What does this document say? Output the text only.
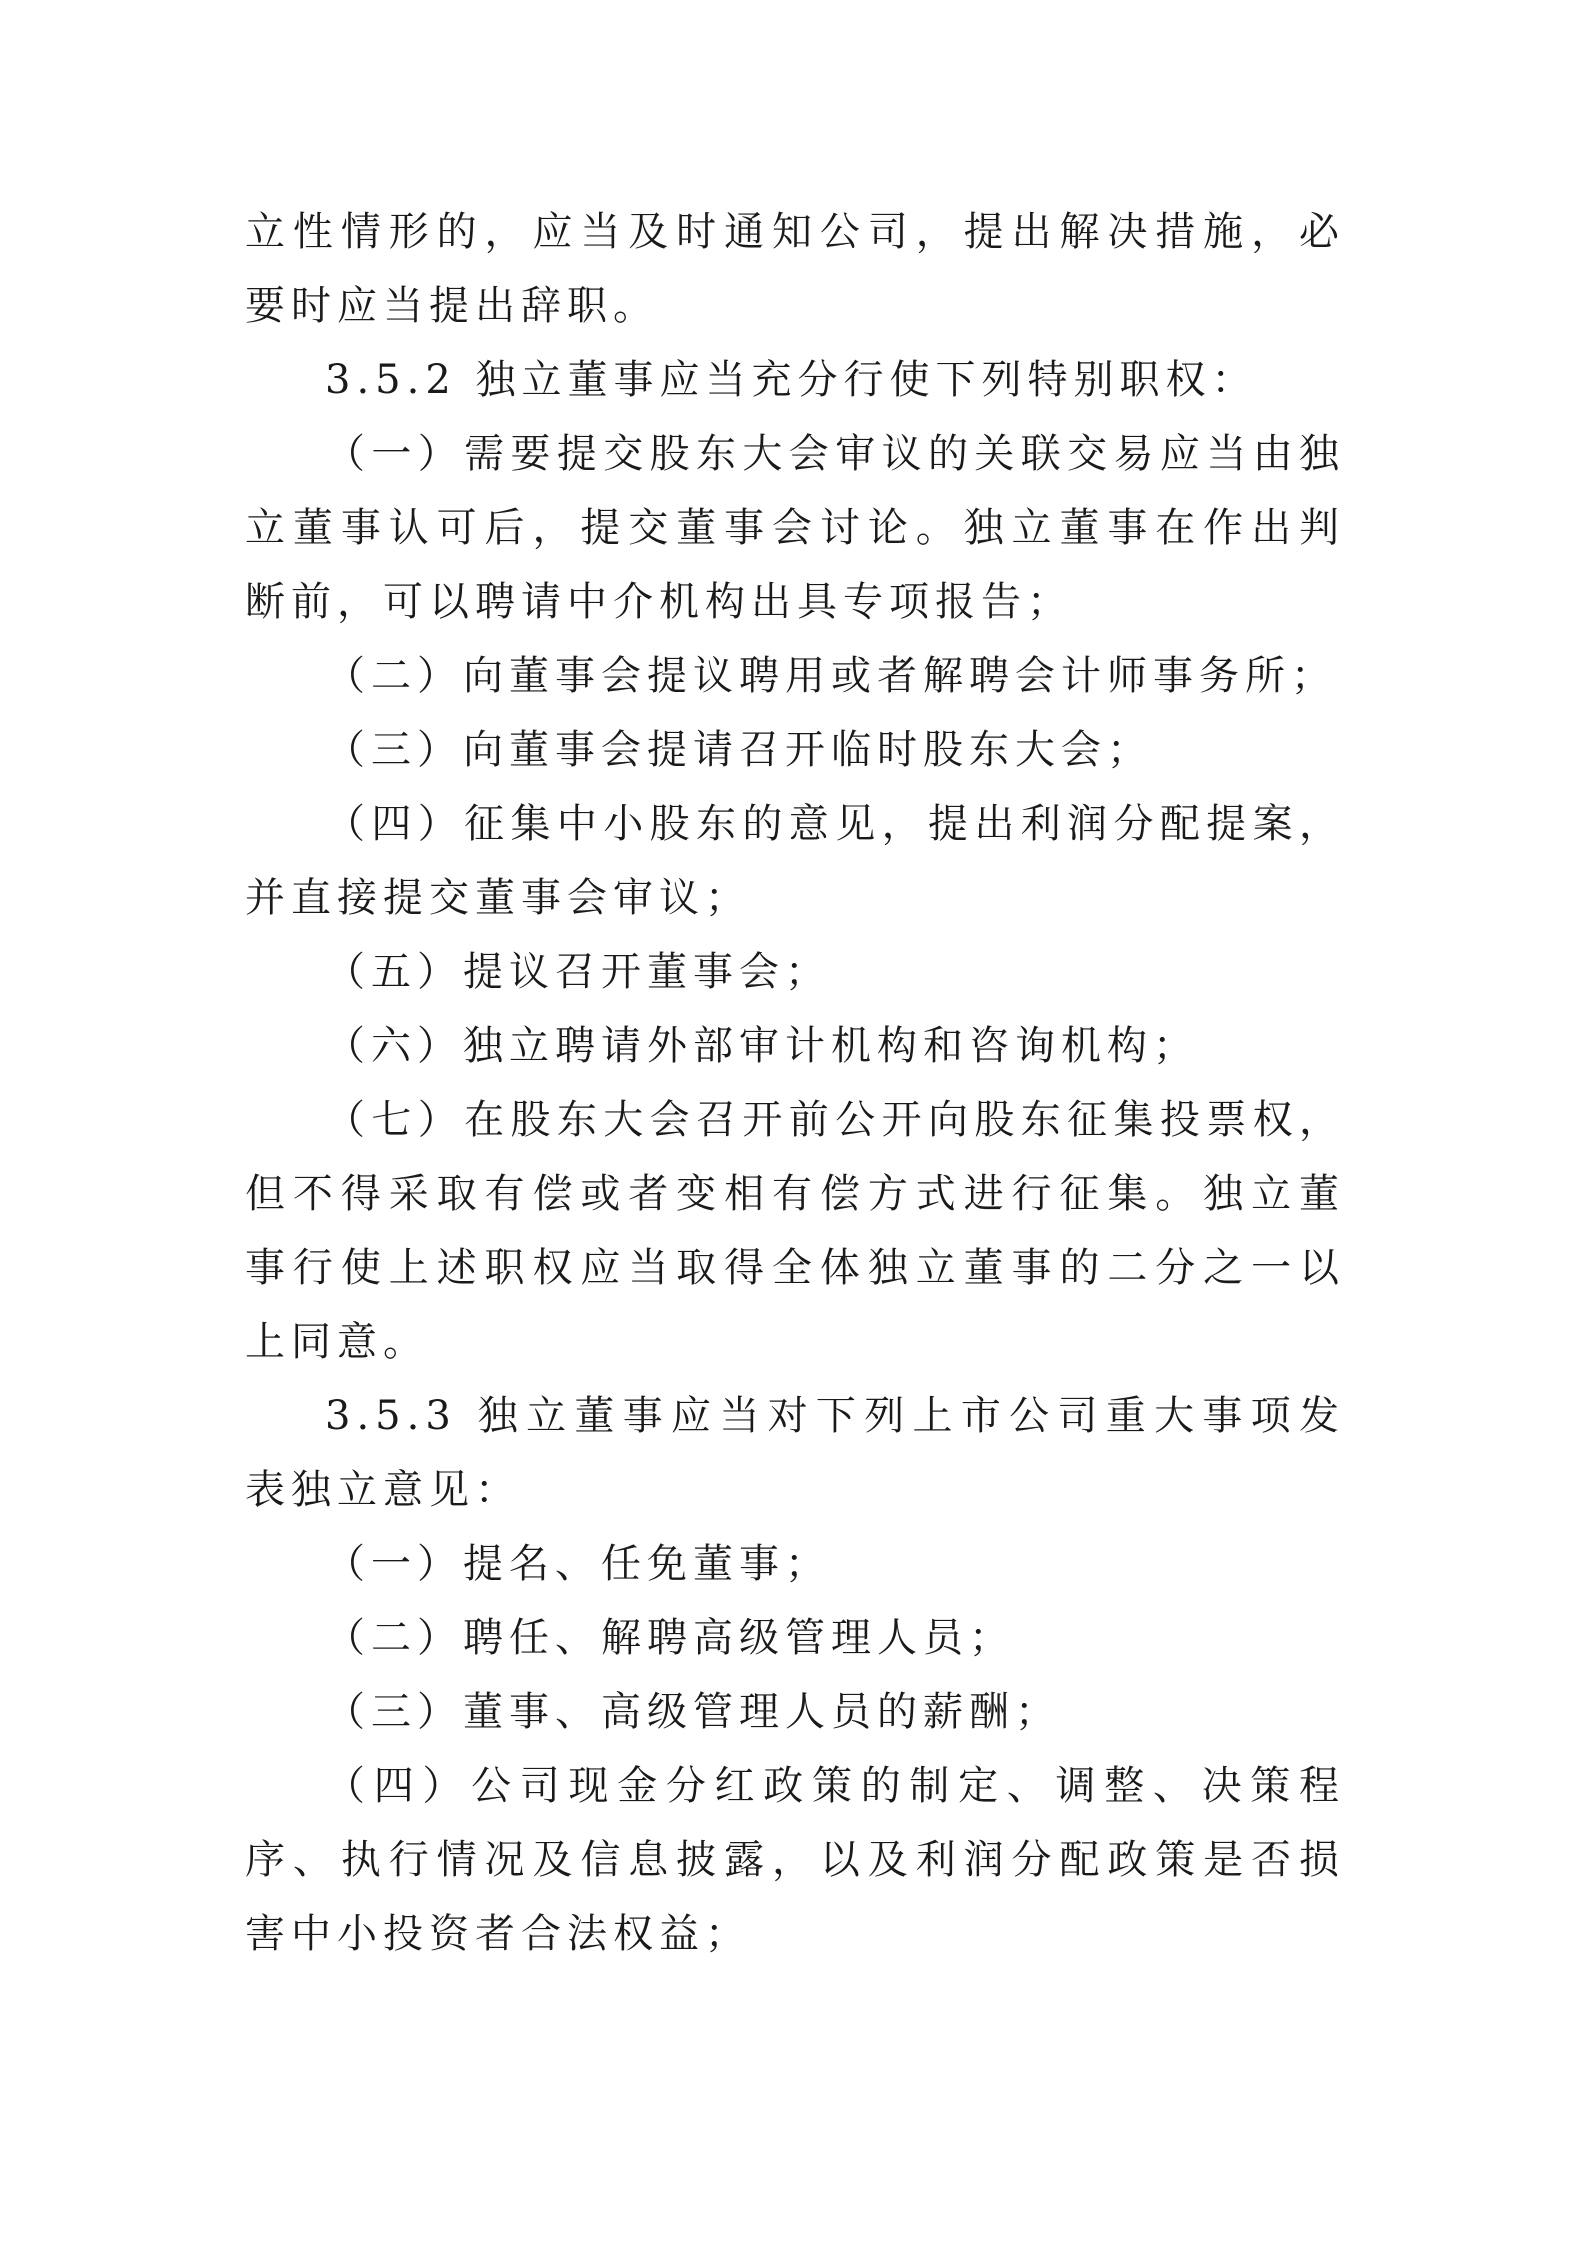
立性情形的，应当及时通知公司，提出解决措施，必要时应当提出辞职。

3.5.2 独立董事应当充分行使下列特别职权：

（一）需要提交股东大会审议的关联交易应当由独立董事认可后，提交董事会讨论。独立董事在作出判断前，可以聘请中介机构出具专项报告；

（二）向董事会提议聘用或者解聘会计师事务所；

（三）向董事会提请召开临时股东大会；

（四）征集中小股东的意见，提出利润分配提案，并直接提交董事会审议；

（五）提议召开董事会；

（六）独立聘请外部审计机构和咨询机构；

（七）在股东大会召开前公开向股东征集投票权，但不得采取有偿或者变相有偿方式进行征集。独立董事行使上述职权应当取得全体独立董事的二分之一以上同意。

3.5.3 独立董事应当对下列上市公司重大事项发表独立意见：

（一）提名、任免董事；

（二）聘任、解聘高级管理人员；

（三）董事、高级管理人员的薪酬；

（四）公司现金分红政策的制定、调整、决策程序、执行情况及信息披露，以及利润分配政策是否损害中小投资者合法权益；
